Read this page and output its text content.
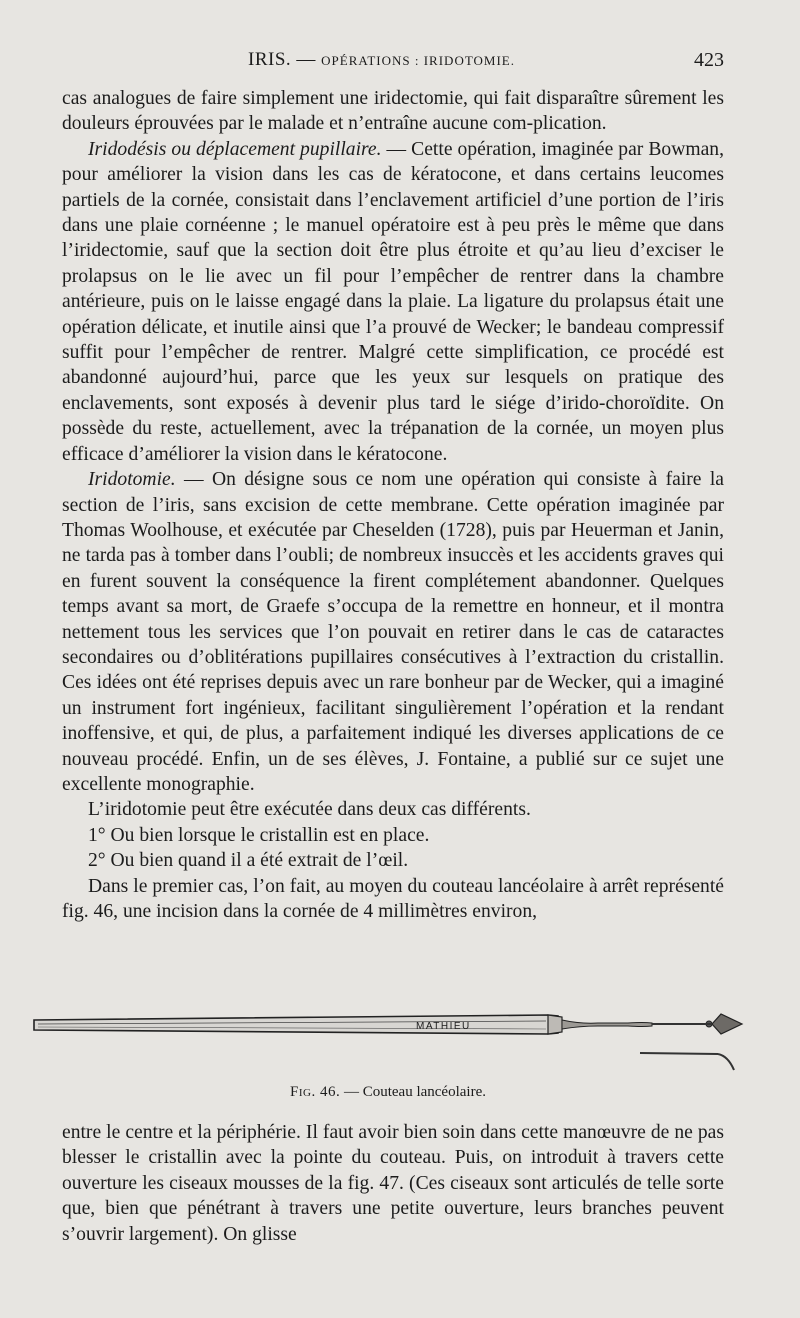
IRIS. — OPÉRATIONS : IRIDOTOMIE.	423

cas analogues de faire simplement une iridectomie, qui fait disparaître sûrement les douleurs éprouvées par le malade et n’entraîne aucune com-plication.

Iridodésis ou déplacement pupillaire. — Cette opération, imaginée par Bowman, pour améliorer la vision dans les cas de kératocone, et dans certains leucomes partiels de la cornée, consistait dans l’enclavement artificiel d’une portion de l’iris dans une plaie cornéenne ; le manuel opératoire est à peu près le même que dans l’iridectomie, sauf que la section doit être plus étroite et qu’au lieu d’exciser le prolapsus on le lie avec un fil pour l’empêcher de rentrer dans la chambre antérieure, puis on le laisse engagé dans la plaie. La ligature du prolapsus était une opération délicate, et inutile ainsi que l’a prouvé de Wecker; le bandeau compressif suffit pour l’empêcher de rentrer. Malgré cette simplification, ce procédé est abandonné aujourd’hui, parce que les yeux sur lesquels on pratique des enclavements, sont exposés à devenir plus tard le siége d’irido-choroïdite. On possède du reste, actuellement, avec la trépanation de la cornée, un moyen plus efficace d’améliorer la vision dans le kératocone.

Iridotomie. — On désigne sous ce nom une opération qui consiste à faire la section de l’iris, sans excision de cette membrane. Cette opération imaginée par Thomas Woolhouse, et exécutée par Cheselden (1728), puis par Heuerman et Janin, ne tarda pas à tomber dans l’oubli; de nombreux insuccès et les accidents graves qui en furent souvent la conséquence la firent complétement abandonner. Quelques temps avant sa mort, de Graefe s’occupa de la remettre en honneur, et il montra nettement tous les services que l’on pouvait en retirer dans le cas de cataractes secondaires ou d’oblitérations pupillaires consécutives à l’extraction du cristallin. Ces idées ont été reprises depuis avec un rare bonheur par de Wecker, qui a imaginé un instrument fort ingénieux, facilitant singulièrement l’opération et la rendant inoffensive, et qui, de plus, a parfaitement indiqué les diverses applications de ce nouveau procédé. Enfin, un de ses élèves, J. Fontaine, a publié sur ce sujet une excellente monographie.

L’iridotomie peut être exécutée dans deux cas différents.

1° Ou bien lorsque le cristallin est en place.

2° Ou bien quand il a été extrait de l’œil.

Dans le premier cas, l’on fait, au moyen du couteau lancéolaire à arrêt représenté fig. 46, une incision dans la cornée de 4 millimètres environ,

MATHIEU
Fig. 46. — Couteau lancéolaire.

entre le centre et la périphérie. Il faut avoir bien soin dans cette manœuvre de ne pas blesser le cristallin avec la pointe du couteau. Puis, on introduit à travers cette ouverture les ciseaux mousses de la fig. 47. (Ces ciseaux sont articulés de telle sorte que, bien que pénétrant à travers une petite ouverture, leurs branches peuvent s’ouvrir largement). On glisse
